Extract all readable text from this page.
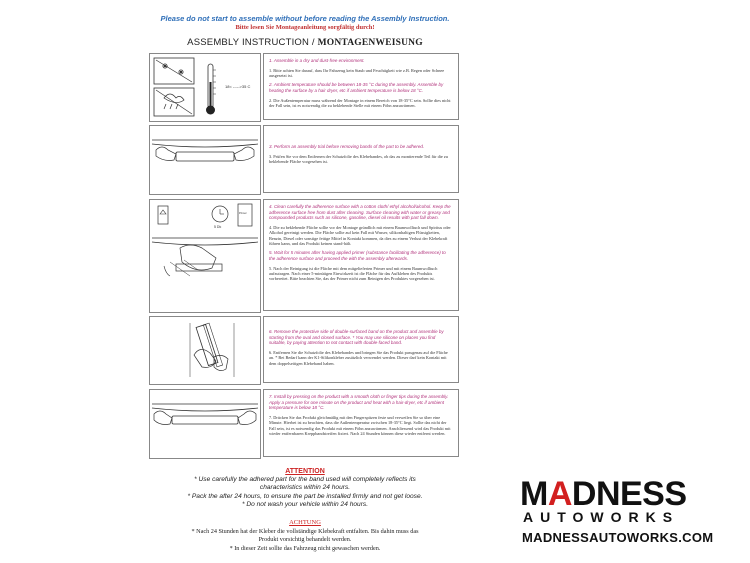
Please do not start to assemble without before reading the Assembly Instruction.
Bitte lesen Sie Montageanleitung sorgfältig durch!
ASSEMBLY INSTRUCTION / MONTAGENWEISUNG
18< ----->35 C

1. Assemble in a dry and dust-free environment.

1. Bitte achten Sie darauf, dass Ihr Fahrzeug kein Staub und Feuchtigkeit wie z.B. Regen oder Schnee ausgesetzt ist.

2. Ambient temperature should be between 18-35 °C during the assembly. Assemble by heating the surface by a hair dryer, etc if ambient temperature is below 18 °C.

2. Die Außentemperatur muss während der Montage in einem Bereich von 18-35°C sein. Sollte dies nicht der Fall sein, ist es notwendig die zu beklebende Stelle mit einem Föhn anzuwärmen.

3. Perform an assembly trial before removing bands of the part to be adhered.

3. Prüfen Sie vor dem Entfernen der Schutzfolie des Klebebandes, ob das zu montierende Teil für die zu beklebende Fläche vorgesehen ist.

5 Dk
Primer

4. Clean carefully the adherence surface with a cotton cloth/ ethyl alcohol/alcohol. Keep the adherence surface free from dust after cleaning. Surface cleaning with water or greasy and compounded products such as silicone, gasoline, diesel oil results with part fall down.

4. Die zu beklebende Fläche sollte vor der Montage gründlich mit einem Baumwolltuch und Spiritus oder Alkohol gereinigt werden. Die Fläche sollte auf kein Fall mit Wasser, silikonhaltigen Flüssigkeiten, Benzin, Diesel oder sonstige fettige Mittel in Kontakt kommen, da dies zu einem Verlust der Klebekraft führen kann, und das Produkt keinen stand-hält.

5. Wait for 5 minutes after having applied primer (substance facilitating the adherence) to the adherence surface and proceed the with the assembly afterwards.

5. Nach der Reinigung ist die Fläche mit dem mitgelieferten Primer und mit einem Baumwolltuch aufzutragen. Nach einer 5-minütigen Einwirkzeit ist die Fläche für das Aufkleben des Produkts vorbereitet. Bitte beachten Sie, das der Primer nicht zum Reinigen des Produktes vorgesehen ist.

6. Remove the protective side of double-surfaced band on the product and assemble by starting from the oval and closed surface. * You may use silicone on places you find suitable, by paying attention to not contact with double-faced band.

6. Entfernen Sie die Schutzfolie des Klebebandes und bringen Sie das Produkt passgenau auf die Fläche an. * Bei Bedarf kann der K1-Silikonkleber zusätzlich verwendet werden. Dieser darf kein Kontakt mit dem doppelseitigen Klebeband haben.

7. Install by pressing on the product with a smooth cloth or finger tips during the assembly. Apply a pressure for one minute on the product and heat with a hair-dryer, etc if ambient temperature is below 18 °C.

7. Drücken Sie das Produkt gleichmäßig mit den Fingerspitzen feste und verweilen Sie so über eine Minute. Hierbei ist zu beachten, dass die Außentemperatur zwischen 18-35°C liegt. Sollte das nicht der Fall sein, ist es notwendig das Produkt mit einem Föhn anzuwärmen. Anschliessend wird das Produkt mit wieder entfernbaren Kreppbandstreifen fixiert. Nach 24 Stunden können diese wieder entfernt werden.

ATTENTION
* Use carefully the adhered part for the band used will completely reflects its
characteristics within 24 hours.
* Pack the after 24 hours, to ensure the part be installed firmly and not get loose.
* Do not wash your vehicle within 24 hours.
ACHTUNG
* Nach 24 Stunden hat der Kleber die vollständige Klebekraft entfalten. Bis dahin muss das
Produkt vorsichtig behandelt werden.
* In dieser Zeit sollte das Fahrzeug nicht gewaschen werden.
MADNESS
AUTOWORKS
MADNESSAUTOWORKS.COM
